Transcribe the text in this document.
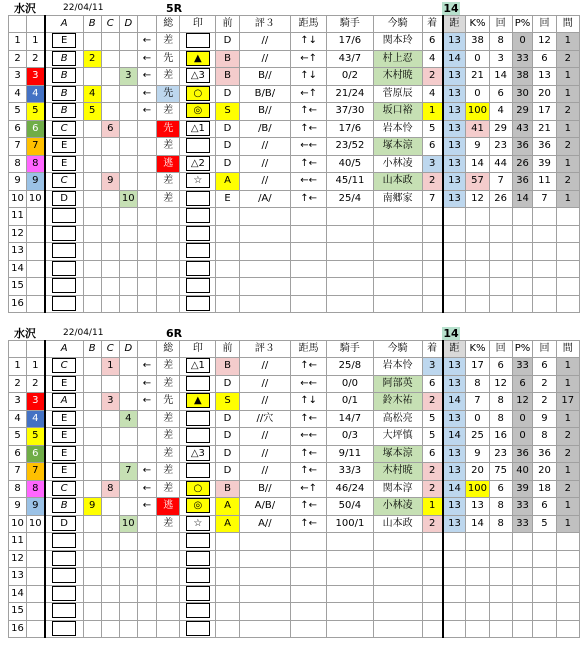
水沢	22/04/11	5R	14
		A	B	C	D		総	印	前	評３	距馬	騎手	今騎	着	距	K%	回	P%	回	間
1	1	E				←	差		D	//	↑↓	17/6	関本玲	6	13	38	8	0	12	1
2	2	B	2			←	先	▲	B	//	←↑	43/7	村上忍	4	14	0	3	33	6	2
3	3	B			3	←	差	△3	B	B//	↑↓	0/2	木村暁	2	13	21	14	38	13	1
4	4	B	4			←	先	○	D	B/B/	←↑	21/24	菅原辰	4	13	0	6	30	20	1
5	5	B	5			←	差	◎	S	B//	↑←	37/30	坂口裕	1	13	100	4	29	17	2
6	6	C		6			先	△1	D	/B/	↑←	17/6	岩本怜	5	13	41	29	43	21	1
7	7	E					差		D	//	←←	23/52	塚本涼	6	13	9	23	36	36	2
8	8	E					逃	△2	D	//	↑←	40/5	小林凌	3	13	14	44	26	39	1
9	9	C		9			差	☆	A	//	←←	45/11	山本政	2	13	57	7	36	11	2
10	10	D			10		差		E	/A/	↑←	25/4	南郷家	7	13	12	26	14	7	1
11																				
12																				
13																				
14																				
15																				
16																				
水沢	22/04/11	6R	14
		A	B	C	D		総	印	前	評３	距馬	騎手	今騎	着	距	K%	回	P%	回	間
1	1	C		1		←	差	△1	B	//	↑←	25/8	岩本怜	3	13	17	6	33	6	1
2	2	E				←	差		D	//	←←	0/0	阿部英	6	13	8	12	6	2	1
3	3	A		3		←	先	▲	S	//	↑↓	0/1	鈴木祐	2	14	7	8	12	2	17
4	4	E			4		差		D	//穴	↑←	14/7	高松亮	5	13	0	8	0	9	1
5	5	E					差		D	//	←←	0/3	大坪慎	5	14	25	16	0	8	2
6	6	E					差	△3	D	//	↑←	9/11	塚本涼	6	13	9	23	36	36	2
7	7	E			7	←	差		D	//	↑←	33/3	木村暁	2	13	20	75	40	20	1
8	8	C		8		←	差	○	B	B//	←↑	46/24	関本淳	2	14	100	6	39	18	2
9	9	B	9			←	逃	◎	A	A/B/	↑←	50/4	小林凌	1	13	13	8	33	6	1
10	10	D			10		差	☆	A	A//	↑←	100/1	山本政	2	13	14	8	33	5	1
11																				
12																				
13																				
14																				
15																				
16																				
